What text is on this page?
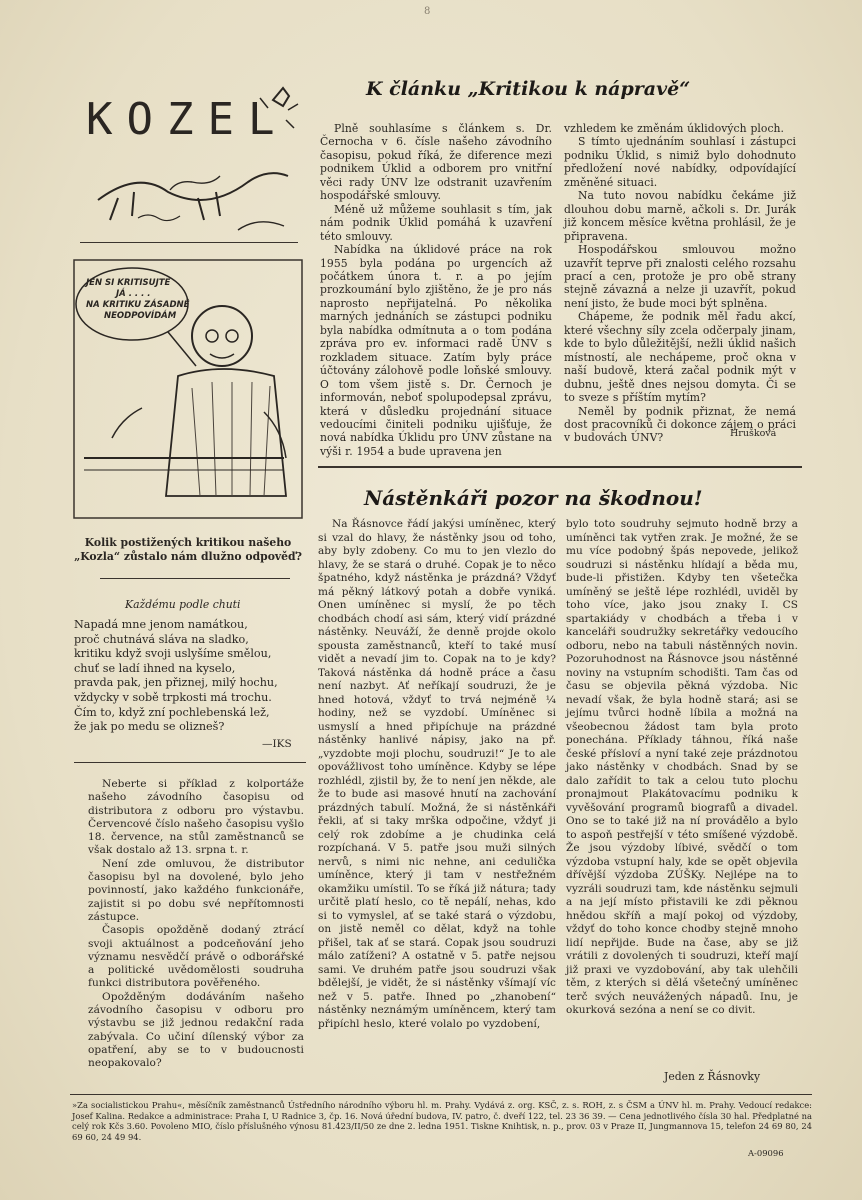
8
KOZEL
JEN SI KRITISUJTE
JÁ . . . .
NA KRITIKU ZÁSADNĚ
NEODPOVÍDÁM
Kolik postižených kritikou našeho „Kozla“ zůstalo nám dlužno odpověď?
Každému podle chuti
Napadá mne jenom namátkou,
proč chutnává sláva na sladko,
kritiku když svoji uslyšíme smělou,
chuť se ladí ihned na kyselo,
pravda pak, jen přiznej, milý hochu,
vždycky v sobě trpkosti má trochu.
Čím to, když zní pochlebenská lež,
že jak po medu se olizneš?
—IKS

Neberte si příklad z kolportáže našeho závodního časopisu od distributora z odboru pro výstavbu. Červencové číslo našeho časopisu vyšlo 18. července, na stůl zaměstnanců se však dostalo až 13. srpna t. r.

Není zde omluvou, že distributor časopisu byl na dovolené, bylo jeho povinností, jako každého funkcionáře, zajistit si po dobu své nepřítomnosti zástupce.

Časopis opožděně dodaný ztrácí svoji aktuálnost a podceňování jeho významu nesvědčí právě o odborářské a politické uvědomělosti soudruha funkci distributora pověřeného.

Opožděným dodáváním našeho závodního časopisu v odboru pro výstavbu se již jednou redakční rada zabývala. Co učiní dílenský výbor za opatření, aby se to v budoucnosti neopakovalo?

K článku „Kritikou k nápravě“

Plně souhlasíme s článkem s. Dr. Černocha v 6. čísle našeho závodního časopisu, pokud říká, že diference mezi podnikem Úklid a odborem pro vnitřní věci rady ÚNV lze odstranit uzavřením hospodářské smlouvy.

Méně už můžeme souhlasit s tím, jak nám podnik Úklid pomáhá k uzavření této smlouvy.

Nabídka na úklidové práce na rok 1955 byla podána po urgencích až počátkem února t. r. a po jejím prozkoumání bylo zjištěno, že je pro nás naprosto nepřijatelná. Po několika marných jednáních se zástupci podniku byla nabídka odmítnuta a o tom podána zpráva pro ev. informaci radě ÚNV s rozkladem situace. Zatím byly práce účtovány zálohově podle loňské smlouvy. O tom všem jistě s. Dr. Černoch je informován, neboť spolupodepsal zprávu, která v důsledku projednání situace vedoucími činiteli podniku ujišťuje, že nová nabídka Úklidu pro ÚNV zůstane na výši r. 1954 a bude upravena jen

vzhledem ke změnám úklidových ploch.

S tímto ujednáním souhlasí i zástupci podniku Úklid, s nimiž bylo dohodnuto předložení nové nabídky, odpovídající změněné situaci.

Na tuto novou nabídku čekáme již dlouhou dobu marně, ačkoli s. Dr. Jurák již koncem měsíce května prohlásil, že je připravena.

Hospodářskou smlouvou možno uzavřít teprve při znalosti celého rozsahu prací a cen, protože je pro obě strany stejně závazná a nelze ji uzavřít, pokud není jisto, že bude moci být splněna.

Chápeme, že podnik měl řadu akcí, které všechny síly zcela odčerpaly jinam, kde to bylo důležitější, nežli úklid našich místností, ale nechápeme, proč okna v naší budově, která začal podnik mýt v dubnu, ještě dnes nejsou domyta. Či se to sveze s příštím mytím?

Neměl by podnik přiznat, že nemá dost pracovníků či dokonce zájem o práci v budovách ÚNV?	Hrušková
Nástěnkáři pozor na škodnou!

Na Řásnovce řádí jakýsi umíněnec, který si vzal do hlavy, že nástěnky jsou od toho, aby byly zdobeny. Co mu to jen vlezlo do hlavy, že se stará o druhé. Copak je to něco špatného, když nástěnka je prázdná? Vždyť má pěkný látkový potah a dobře vyniká. Onen umíněnec si myslí, že po těch chodbách chodí asi sám, který vidí prázdné nástěnky. Neuváží, že denně projde okolo spousta zaměstnanců, kteří to také musí vidět a nevadí jim to. Copak na to je kdy? Taková nástěnka dá hodně práce a času není nazbyt. Ať neříkají soudruzi, že je hned hotová, vždyť to trvá nejméně ¼ hodiny, než se vyzdobí. Umíněnec si usmyslí a hned připíchuje na prázdné nástěnky hanlivé nápisy, jako na př. „vyzdobte moji plochu, soudruzi!“ Je to ale opovážlivost toho umíněnce. Kdyby se lépe rozhlédl, zjistil by, že to není jen někde, ale že to bude asi masové hnutí na zachování prázdných tabulí. Možná, že si nástěnkáři řekli, ať si taky mrška odpočine, vždyť ji celý rok zdobíme a je chudinka celá rozpíchaná. V 5. patře jsou muži silných nervů, s nimi nic nehne, ani cedulička umíněnce, který ji tam v nestřežném okamžiku umístil. To se říká již nátura; tady určitě platí heslo, co tě nepálí, nehas, kdo si to vymyslel, ať se také stará o výzdobu, on jistě neměl co dělat, když na tohle přišel, tak ať se stará. Copak jsou soudruzi málo zatíženi? A ostatně v 5. patře nejsou sami. Ve druhém patře jsou soudruzi však bdělejší, je vidět, že si nástěnky všímají víc než v 5. patře. Ihned po „zhanobení“ nástěnky neznámým umíněncem, který tam připíchl heslo, které volalo po vyzdobení,

bylo toto soudruhy sejmuto hodně brzy a umíněnci tak vytřen zrak. Je možné, že se mu více podobný špás nepovede, jelikož soudruzi si nástěnku hlídají a běda mu, bude-li přistižen. Kdyby ten všetečka umíněný se ještě lépe rozhlédl, uviděl by toho více, jako jsou znaky I. CS spartakiády v chodbách a třeba i v kanceláři soudružky sekretářky vedoucího odboru, nebo na tabuli nástěnných novin. Pozoruhodnost na Řásnovce jsou nástěnné noviny na vstupním schodišti. Tam čas od času se objevila pěkná výzdoba. Nic nevadí však, že byla hodně stará; asi se jejímu tvůrci hodně líbila a možná na všeobecnou žádost tam byla proto ponechána. Příklady táhnou, říká naše české přísloví a nyní také zeje prázdnotou jako nástěnky v chodbách. Snad by se dalo zařídit to tak a celou tuto plochu pronajmout Plakátovacímu podniku k vyvěšování programů biografů a divadel. Ono se to také již na ní provádělo a bylo to aspoň pestřejší v této smíšené výzdobě. Že jsou výzdoby líbivé, svědčí o tom výzdoba vstupní haly, kde se opět objevila dřívější výzdoba ZÚŠKy. Nejlépe na to vyzráli soudruzi tam, kde nástěnku sejmuli a na její místo přistavili ke zdi pěknou hnědou skříň a mají pokoj od výzdoby, vždyť do toho konce chodby stejně mnoho lidí nepřijde. Bude na čase, aby se již vrátili z dovolených ti soudruzi, kteří mají již praxi ve vyzdobování, aby tak ulehčili těm, z kterých si dělá všetečný umíněnec terč svých neuvážených nápadů. Inu, je okurková sezóna a není se co divit.

Jeden z Řásnovky
»Za socialistickou Prahu«, měsíčník zaměstnanců Ústředního národního výboru hl. m. Prahy. Vydává z. org. KSČ, z. s. ROH, z. s ČSM a ÚNV hl. m. Prahy. Vedoucí redakce: Josef Kalina. Redakce a administrace: Praha I, U Radnice 3, čp. 16. Nová úřední budova, IV. patro, č. dveří 122, tel. 23 36 39. — Cena jednotlivého čísla 30 hal. Předplatné na celý rok Kčs 3.60. Povoleno MIO, číslo příslušného výnosu 81.423/II/50 ze dne 2. ledna 1951. Tiskne Knihtisk, n. p., prov. 03 v Praze II, Jungmannova 15, telefon 24 69 80, 24 69 60, 24 49 94.
A-09096
